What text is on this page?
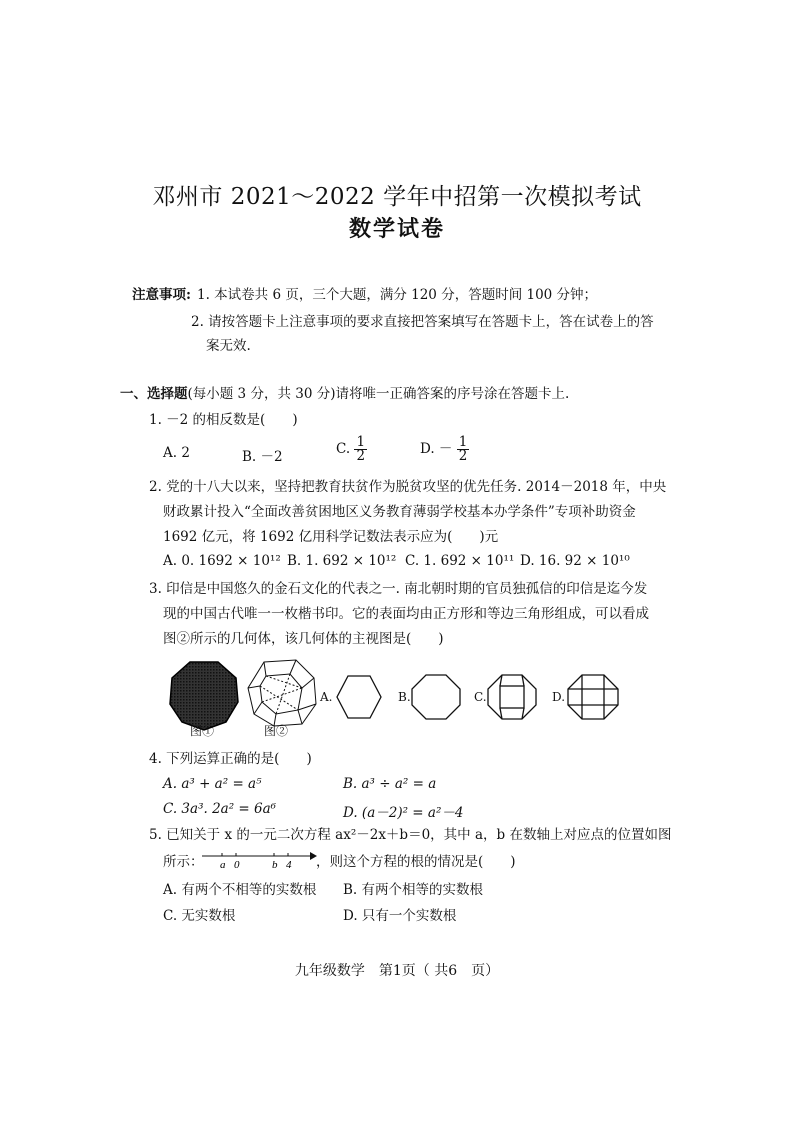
邓州市 2021～2022 学年中招第一次模拟考试
数学试卷
注意事项: 1. 本试卷共 6 页，三个大题，满分 120 分，答题时间 100 分钟；
2. 请按答题卡上注意事项的要求直接把答案填写在答题卡上，答在试卷上的答
案无效.
一、选择题(每小题 3 分，共 30 分)请将唯一正确答案的序号涂在答题卡上.
1. －2 的相反数是(　　)
A. 2	B. －2	C. $\frac{1}{2}$	D. － $\frac{1}{2}$
2. 党的十八大以来，坚持把教育扶贫作为脱贫攻坚的优先任务. 2014－2018 年，中央
财政累计投入“全面改善贫困地区义务教育薄弱学校基本办学条件”专项补助资金
1692 亿元，将 1692 亿用科学记数法表示应为(　　)元
A. 0. 1692 × 10¹² B. 1. 692 × 10¹² C. 1. 692 × 10¹¹ D. 16. 92 × 10¹⁰
3. 印信是中国悠久的金石文化的代表之一. 南北朝时期的官员独孤信的印信是迄今发
现的中国古代唯一一枚楷书印。它的表面均由正方形和等边三角形组成，可以看成
图②所示的几何体，该几何体的主视图是(　　)
图①	图②
A.	B.	C.	D.
4. 下列运算正确的是(　　)
A. a³ + a² = a⁵	B. a³ ÷ a² = a
C. 3a³. 2a² = 6a⁶	D. (a－2)² = a²－4
5. 已知关于 x 的一元二次方程 ax²－2x＋b＝0，其中 a，b 在数轴上对应点的位置如图
所示： a 0	b 4 ，则这个方程的根的情况是(　　)
A. 有两个不相等的实数根 B. 有两个相等的实数根
C. 无实数根	D. 只有一个实数根
九年级数学　第1页（ 共6　页）
